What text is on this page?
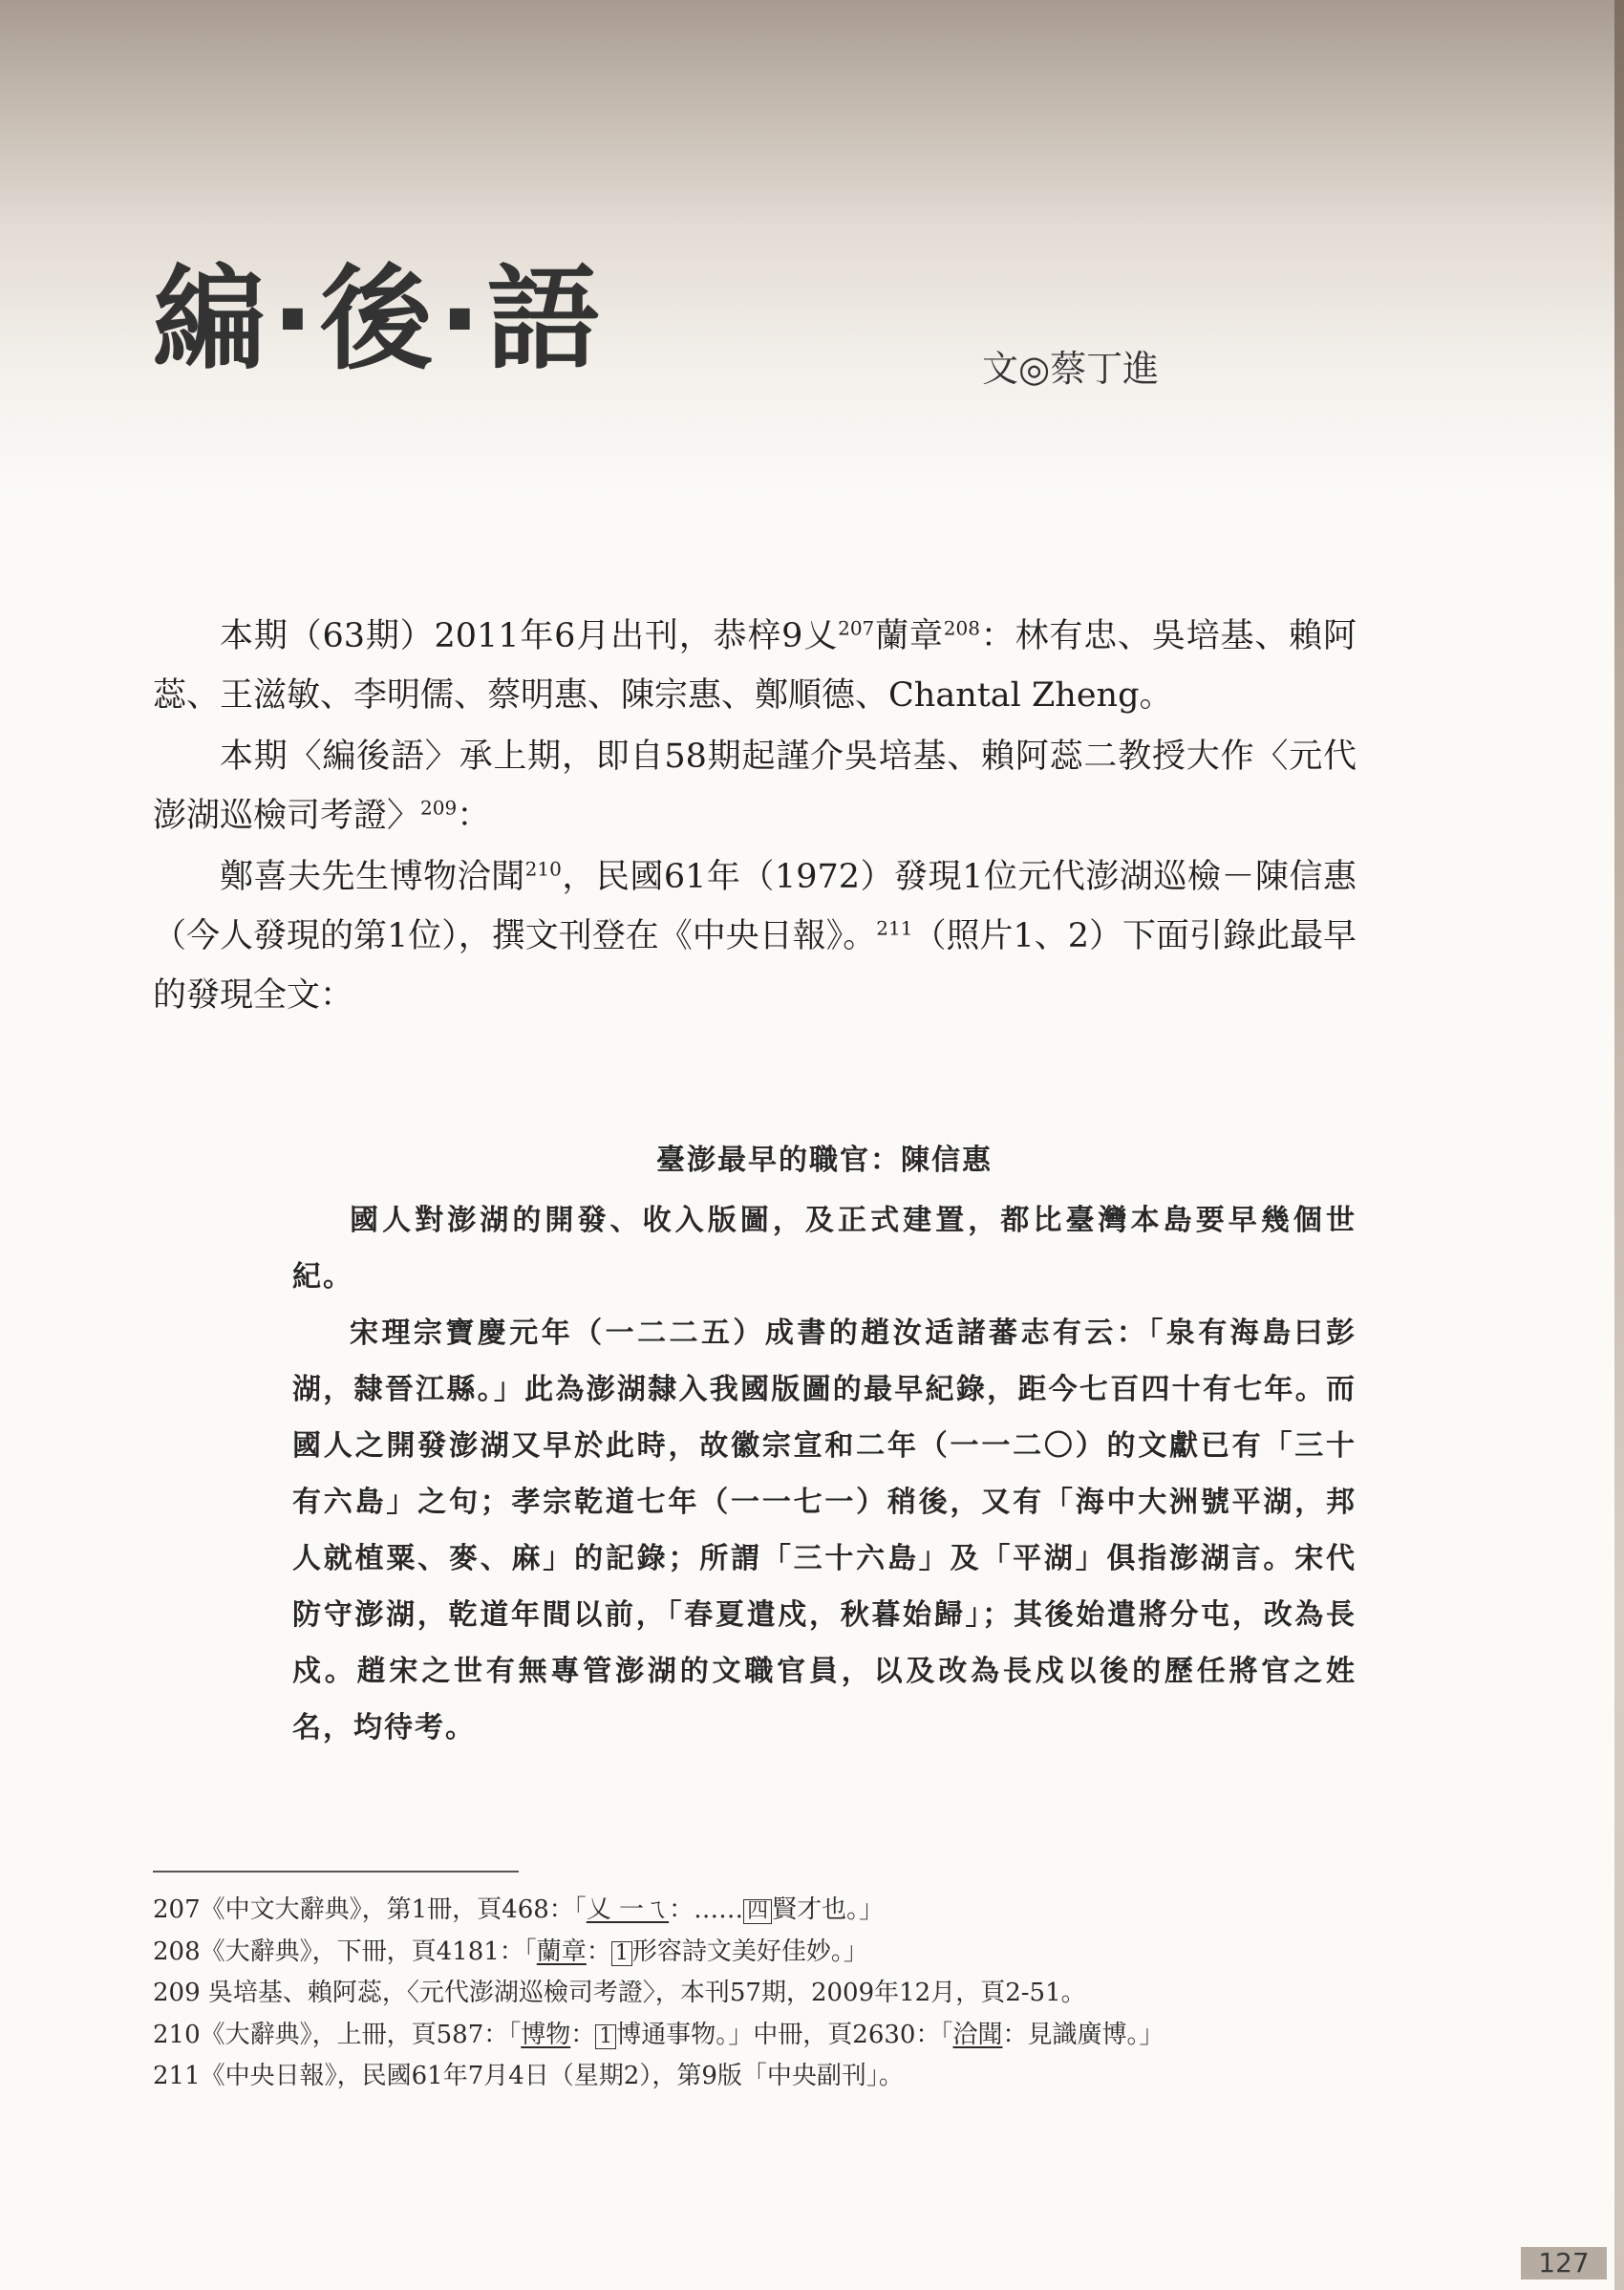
編·後·語	文◎蔡丁進

本期（63期）2011年6月出刊，恭梓9乂$^{207}$蘭章$^{208}$：林有忠、吳培基、賴阿蕊、王滋敏、李明儒、蔡明惠、陳宗惠、鄭順德、Chantal Zheng。

本期〈編後語〉承上期，即自58期起謹介吳培基、賴阿蕊二教授大作〈元代澎湖巡檢司考證〉$^{209}$：

鄭喜夫先生博物洽聞$^{210}$，民國61年（1972）發現1位元代澎湖巡檢－陳信惠（今人發現的第1位），撰文刊登在《中央日報》。$^{211}$（照片1、2）下面引錄此最早的發現全文：

臺澎最早的職官：陳信惠

國人對澎湖的開發、收入版圖，及正式建置，都比臺灣本島要早幾個世紀。

宋理宗寶慶元年（一二二五）成書的趙汝适諸蕃志有云：「泉有海島曰彭湖，隸晉江縣。」此為澎湖隸入我國版圖的最早紀錄，距今七百四十有七年。而國人之開發澎湖又早於此時，故徽宗宣和二年（一一二〇）的文獻已有「三十有六島」之句；孝宗乾道七年（一一七一）稍後，又有「海中大洲號平湖，邦人就植粟、麥、麻」的記錄；所謂「三十六島」及「平湖」俱指澎湖言。宋代防守澎湖，乾道年間以前，「春夏遣戍，秋暮始歸」；其後始遣將分屯，改為長戍。趙宋之世有無專管澎湖的文職官員，以及改為長戍以後的歷任將官之姓名，均待考。

207《中文大辭典》，第1冊，頁468：「乂 一ㄟ：…… 四 賢才也。」
208《大辭典》，下冊，頁4181：「蘭章： 1 形容詩文美好佳妙。」
209 吳培基、賴阿蕊，〈元代澎湖巡檢司考證〉，本刊57期，2009年12月，頁2-51。
210《大辭典》，上冊，頁587：「博物： 1 博通事物。」中冊，頁2630：「洽聞：見識廣博。」
211《中央日報》，民國61年7月4日（星期2），第9版「中央副刊」。
127
